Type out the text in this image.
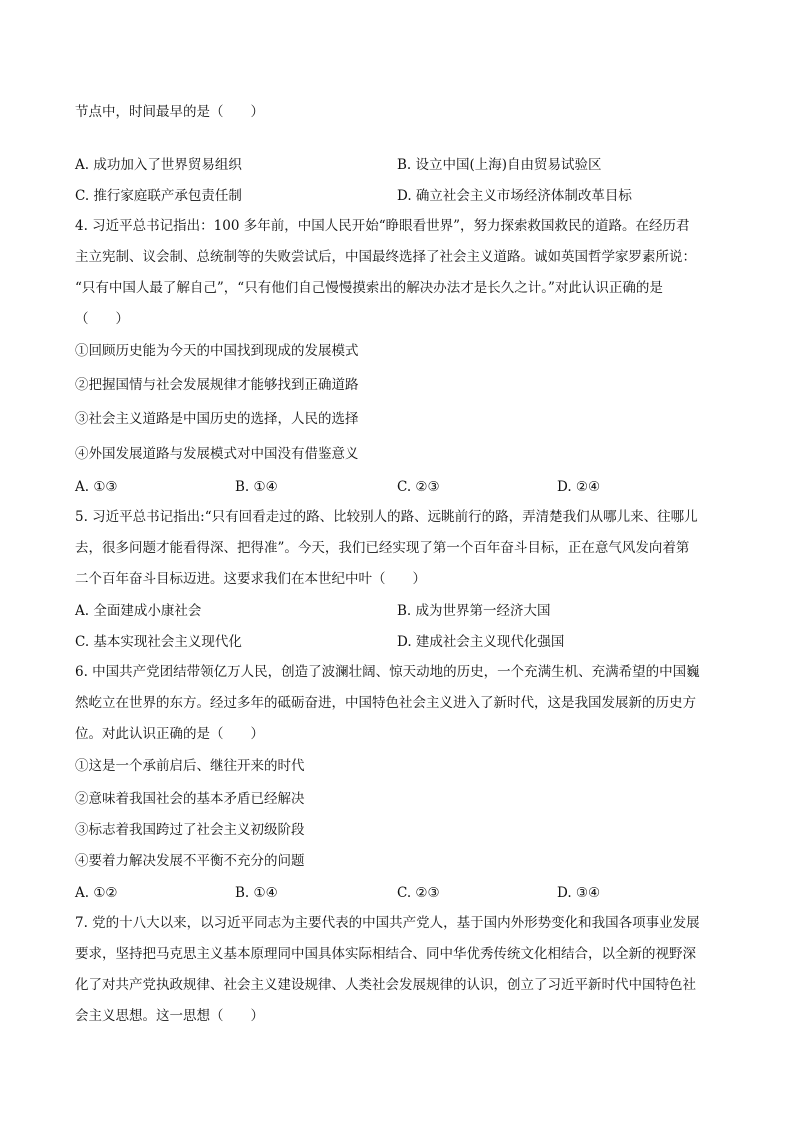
节点中，时间最早的是（　　）
A. 成功加入了世界贸易组织	B. 设立中国(上海)自由贸易试验区
C. 推行家庭联产承包责任制	D. 确立社会主义市场经济体制改革目标
4. 习近平总书记指出：100 多年前，中国人民开始“睁眼看世界”，努力探索救国救民的道路。在经历君
主立宪制、议会制、总统制等的失败尝试后，中国最终选择了社会主义道路。诚如英国哲学家罗素所说：
“只有中国人最了解自己”，“只有他们自己慢慢摸索出的解决办法才是长久之计。”对此认识正确的是
（　　）
①回顾历史能为今天的中国找到现成的发展模式
②把握国情与社会发展规律才能够找到正确道路
③社会主义道路是中国历史的选择，人民的选择
④外国发展道路与发展模式对中国没有借鉴意义
A. ①③	B. ①④	C. ②③	D. ②④
5. 习近平总书记指出:“只有回看走过的路、比较别人的路、远眺前行的路，弄清楚我们从哪儿来、往哪儿
去，很多问题才能看得深、把得准”。今天，我们已经实现了第一个百年奋斗目标，正在意气风发向着第
二个百年奋斗目标迈进。这要求我们在本世纪中叶（　　）
A. 全面建成小康社会	B. 成为世界第一经济大国
C. 基本实现社会主义现代化	D. 建成社会主义现代化强国
6. 中国共产党团结带领亿万人民，创造了波澜壮阔、惊天动地的历史，一个充满生机、充满希望的中国巍
然屹立在世界的东方。经过多年的砥砺奋进，中国特色社会主义进入了新时代，这是我国发展新的历史方
位。对此认识正确的是（　　）
①这是一个承前启后、继往开来的时代
②意味着我国社会的基本矛盾已经解决
③标志着我国跨过了社会主义初级阶段
④要着力解决发展不平衡不充分的问题
A. ①②	B. ①④	C. ②③	D. ③④
7. 党的十八大以来，以习近平同志为主要代表的中国共产党人，基于国内外形势变化和我国各项事业发展
要求，坚持把马克思主义基本原理同中国具体实际相结合、同中华优秀传统文化相结合，以全新的视野深
化了对共产党执政规律、社会主义建设规律、人类社会发展规律的认识，创立了习近平新时代中国特色社
会主义思想。这一思想（　　）
